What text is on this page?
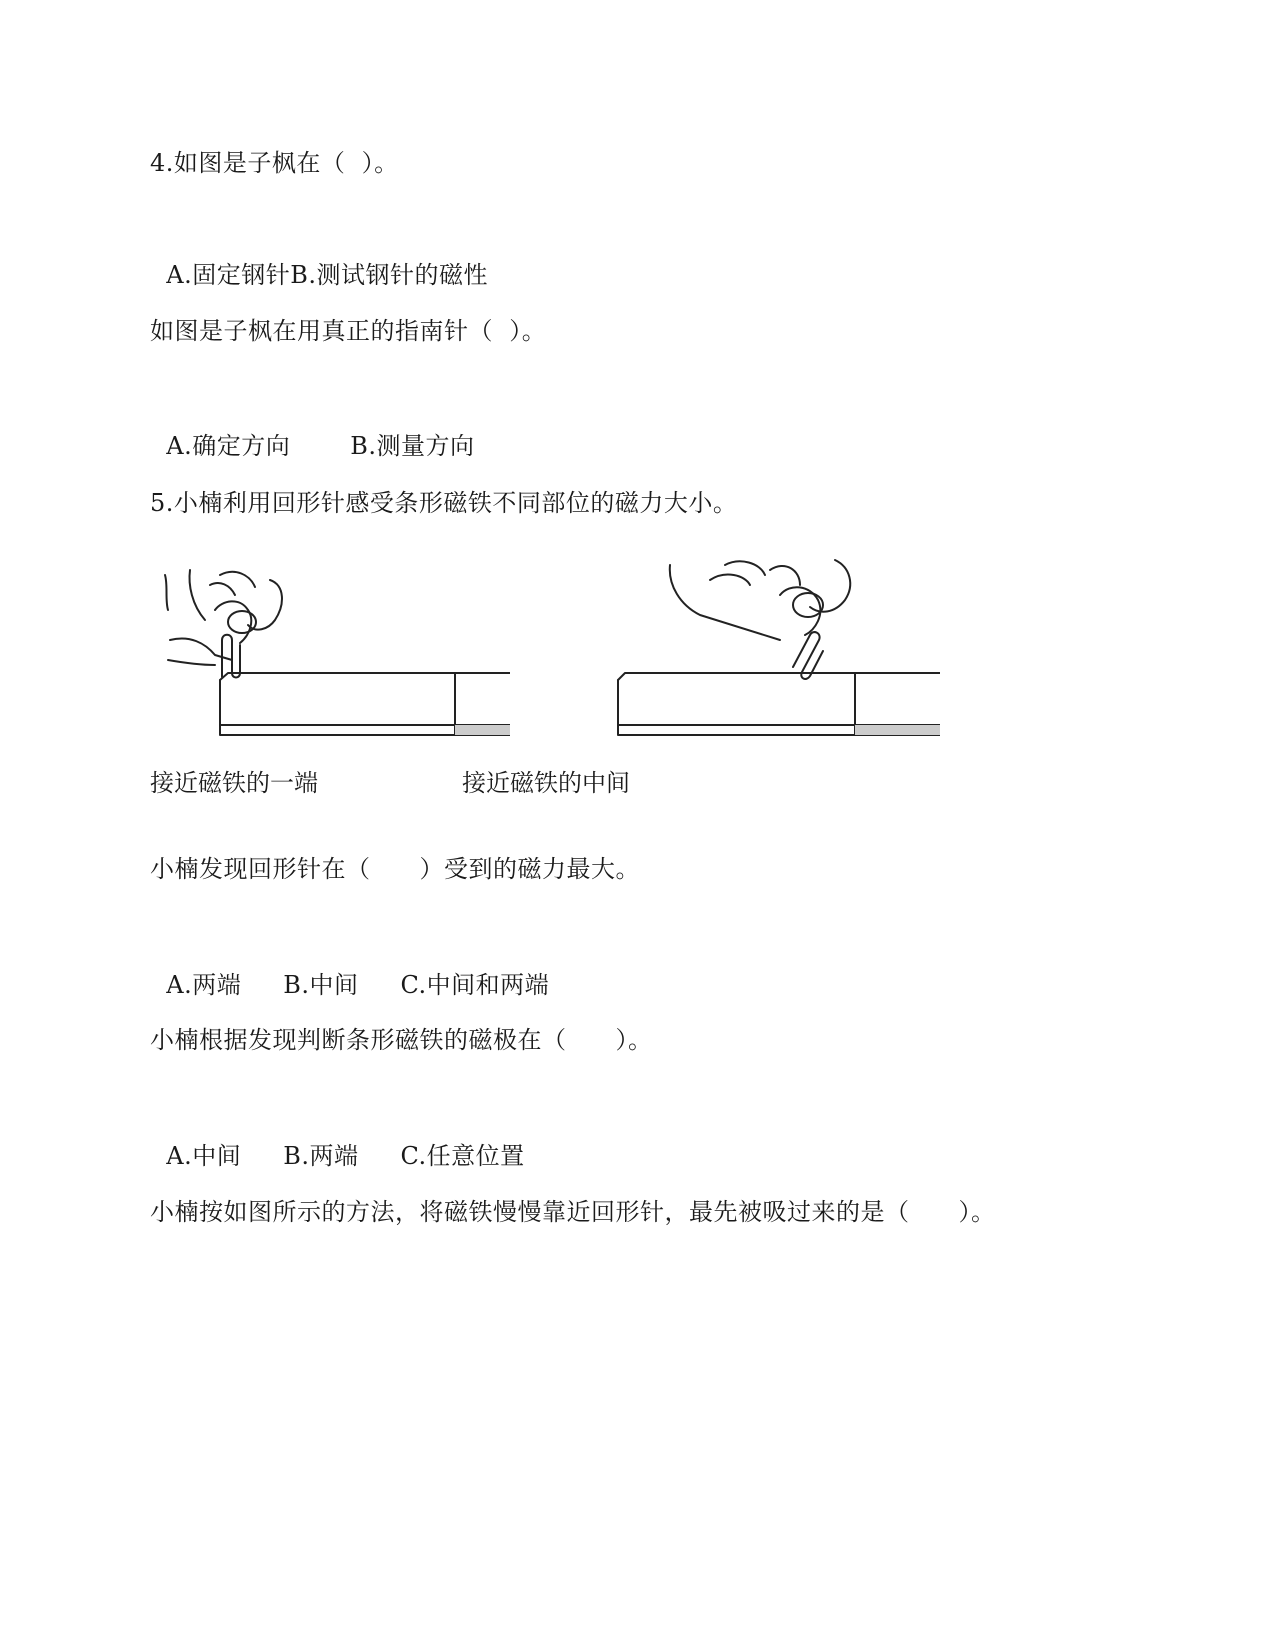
4.如图是子枫在（  ）。

A.固定钢针B.测试钢针的磁性

如图是子枫在用真正的指南针（  ）。

A.确定方向	B.测量方向

5.小楠利用回形针感受条形磁铁不同部位的磁力大小。
接近磁铁的一端	接近磁铁的中间
小楠发现回形针在（　　）受到的磁力最大。

A.两端 B.中间 C.中间和两端

小楠根据发现判断条形磁铁的磁极在（　　）。

A.中间 B.两端 C.任意位置

小楠按如图所示的方法，将磁铁慢慢靠近回形针，最先被吸过来的是（　　）。
